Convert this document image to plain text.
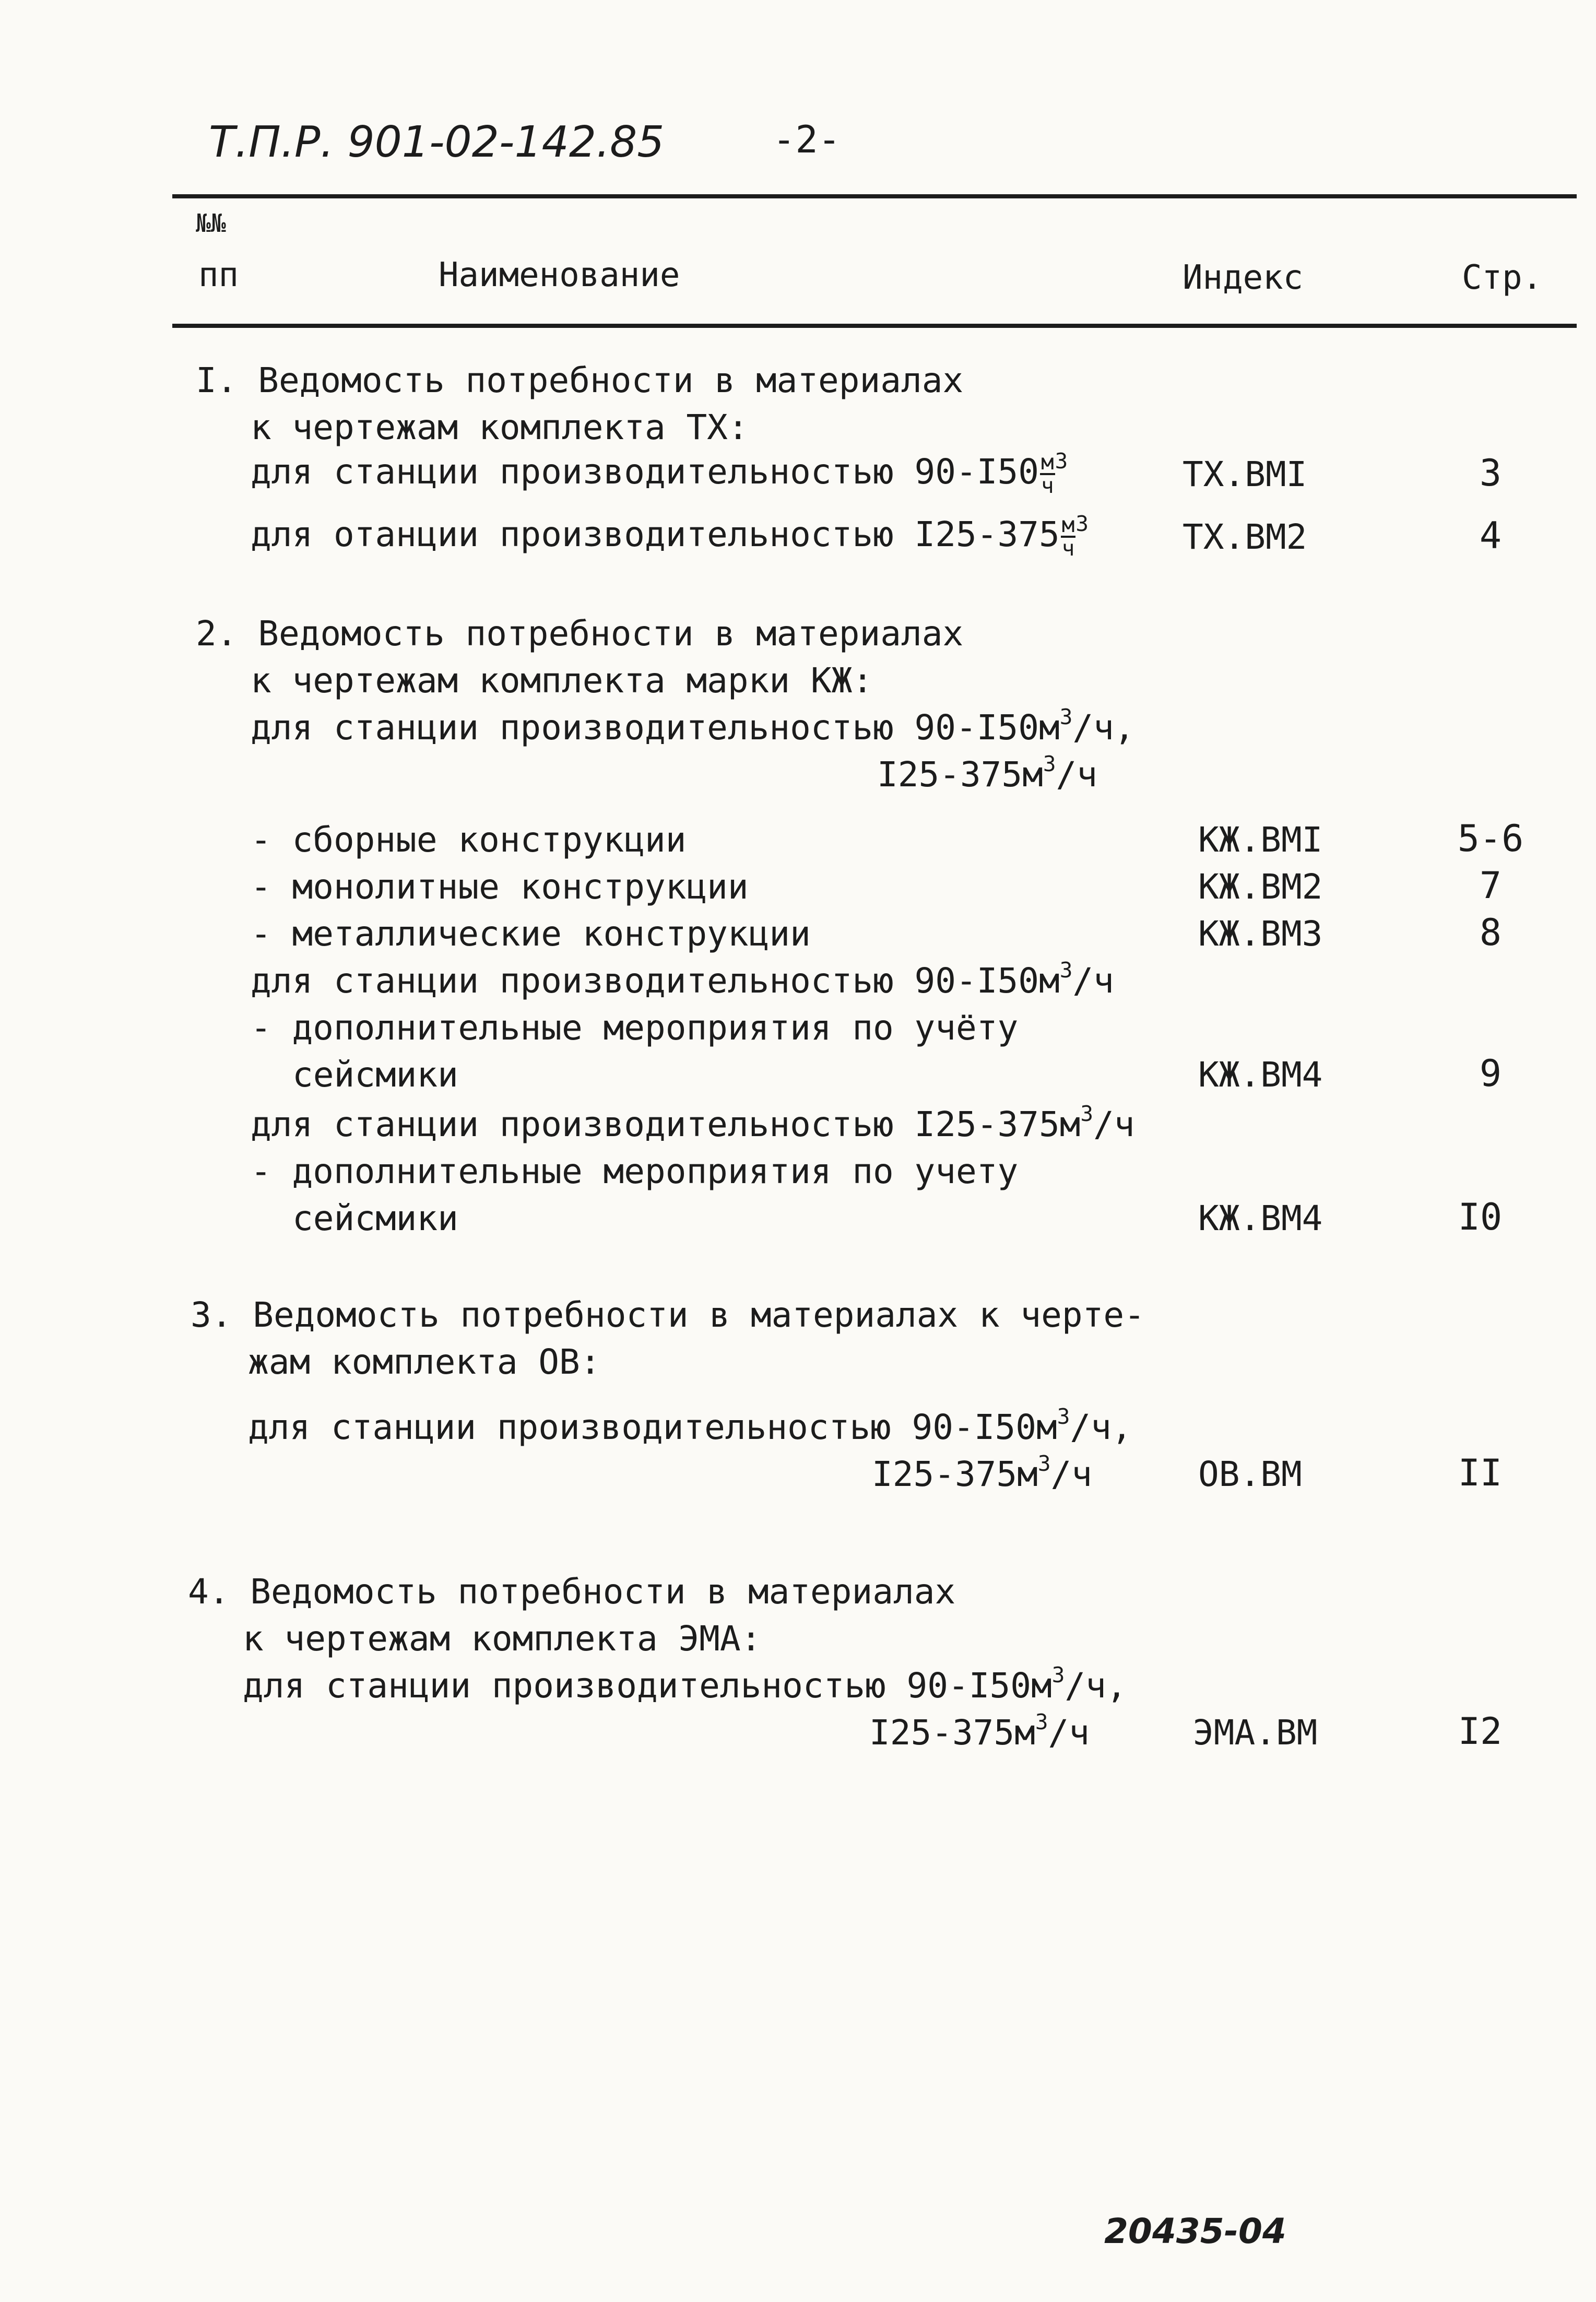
Т.П.Р. 901-02-142.85	-2-
№№
пп	Наименование	Индекс	Стр.
I. Ведомость потребности в материалах
к чертежам комплекта ТХ:
для станции производительностью $90-I50 \frac{м}{ч} ^3$	ТХ.ВМI	3
для отанции производительностью $I25-375 \frac{м}{ч} ^3$	ТХ.ВМ2	4
2. Ведомость потребности в материалах
к чертежам комплекта марки КЖ:
для станции производительностью $90-I50м^3/ч$,
$I25-375м^3/ч$
- сборные конструкции	КЖ.ВМI	5-6
- монолитные конструкции	КЖ.ВМ2	7
- металлические конструкции	КЖ.ВМ3	8
для станции производительностью $90-I50м^3/ч$
- дополнительные мероприятия по учёту
сейсмики	КЖ.ВМ4	9
для станции производительностью $I25-375м^3/ч$
- дополнительные мероприятия по учету
сейсмики	КЖ.ВМ4	I0
3. Ведомость потребности в материалах к черте-
жам комплекта ОВ:
для станции производительностью $90-I50м^3/ч$,
$I25-375м^3/ч$	ОВ.ВМ	II
4. Ведомость потребности в материалах
к чертежам комплекта ЭМА:
для станции производительностью $90-I50м^3/ч$,
$I25-375м^3/ч$	ЭМА.ВМ	I2
20435-04
